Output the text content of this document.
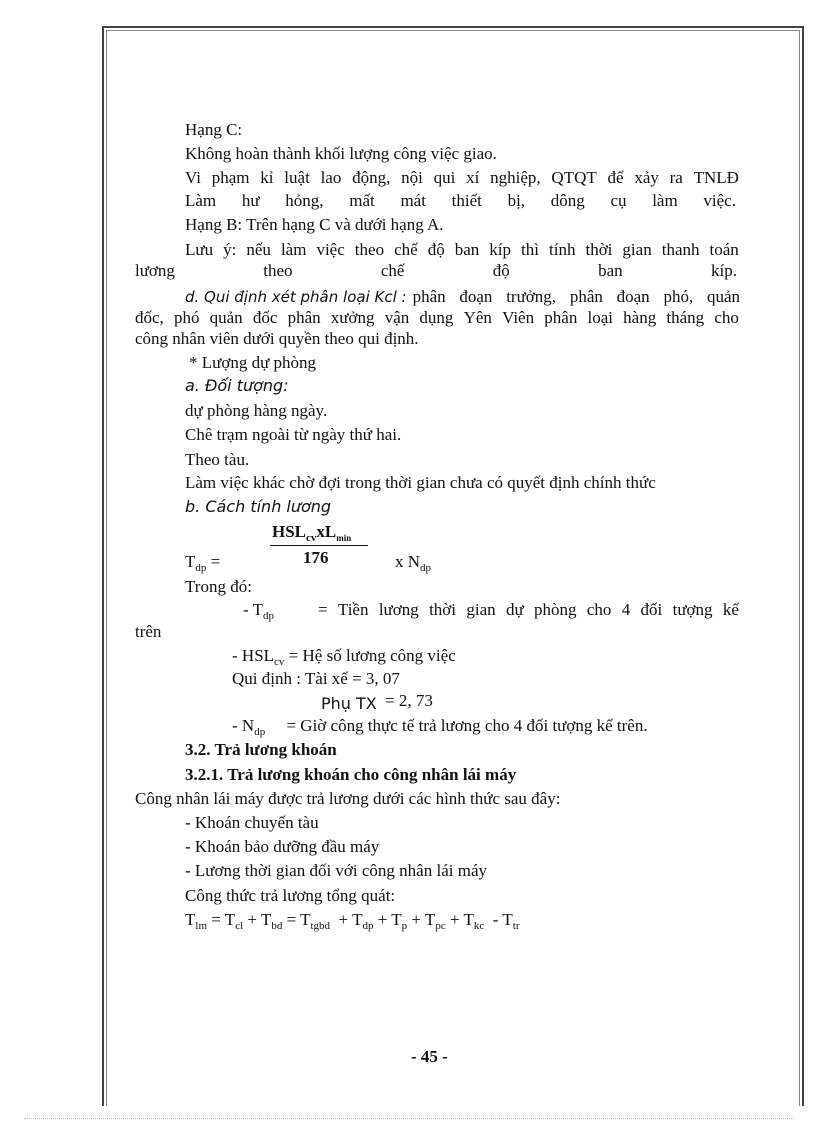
Hạng C:
Không hoàn thành khối lượng công việc giao.
Vi phạm kỉ luật lao động, nội qui xí nghiệp, QTQT để xảy ra TNLĐ
Làm hư hỏng, mất mát thiết bị, dông cụ làm việc.
Hạng B: Trên hạng C và dưới hạng A.
Lưu ý: nếu làm việc theo chế độ ban kíp thì tính thời gian thanh toán
lương	theo	chế	độ	ban	kíp.
d. Qui định xét phân loại Kcl : phân đoạn trưởng, phân đoạn phó, quản
đốc, phó quản đốc phân xưởng vận dụng Yên Viên phân loại hàng tháng cho
công nhân viên dưới quyền theo qui định.
* Lượng dự phòng
a. Đối tượng:
dự phòng hàng ngày.
Chê trạm ngoài từ ngày thứ hai.
Theo tàu.
Làm việc khác chờ đợi trong thời gian chưa có quyết định chính thức
b. Cách tính lương
$HSL_{cv}xL_{min}$
176
$T_{dp}$ =	x $N_{dp}$
Trong đó:
- $T_{dp}$	= Tiền lương thời gian dự phòng cho 4 đối tượng kể
trên
- $HSL_{cv}$ = Hệ số lương công việc
Qui định : Tài xế = 3, 07
Phụ TX = 2, 73
- $N_{dp}$ = Giờ công thực tế trả lương cho 4 đối tượng kể trên.
3.2. Trả lương khoán
3.2.1. Trả lương khoán cho công nhân lái máy
Công nhân lái máy được trả lương dưới các hình thức sau đây:
- Khoán chuyến tàu
- Khoán bảo dưỡng đầu máy
- Lương thời gian đối với công nhân lái máy
Công thức trả lương tổng quát:
$T_{lm} = T_{cl} + T_{bd} = T_{tgbd} + T_{dp} + T_p + T_{pc} + T_{kc} - T_{tr}$
- 45 -
